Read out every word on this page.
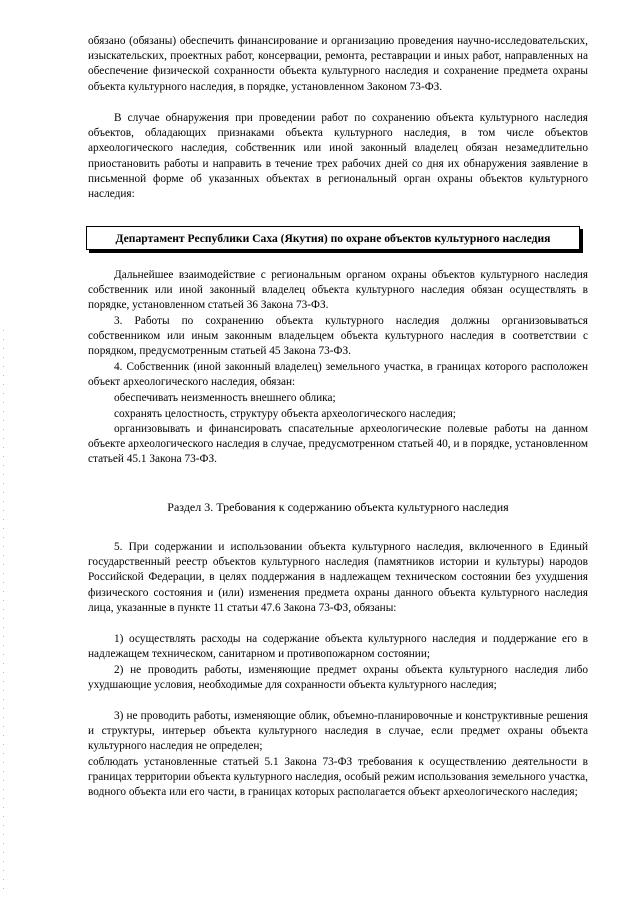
обязано (обязаны) обеспечить финансирование и организацию проведения научно-исследовательских, изыскательских, проектных работ, консервации, ремонта, реставрации и иных работ, направленных на обеспечение физической сохранности объекта культурного наследия и сохранение предмета охраны объекта культурного наследия, в порядке, установленном Законом 73-ФЗ.

В случае обнаружения при проведении работ по сохранению объекта культурного наследия объектов, обладающих признаками объекта культурного наследия, в том числе объектов археологического наследия, собственник или иной законный владелец обязан незамедлительно приостановить работы и направить в течение трех рабочих дней со дня их обнаружения заявление в письменной форме об указанных объектах в региональный орган охраны объектов культурного наследия:

Департамент Республики Саха (Якутия) по охране объектов культурного наследия

Дальнейшее взаимодействие с региональным органом охраны объектов культурного наследия собственник или иной законный владелец объекта культурного наследия обязан осуществлять в порядке, установленном статьей 36 Закона 73-ФЗ.

3. Работы по сохранению объекта культурного наследия должны организовываться собственником или иным законным владельцем объекта культурного наследия в соответствии с порядком, предусмотренным статьей 45 Закона 73-ФЗ.

4. Собственник (иной законный владелец) земельного участка, в границах которого расположен объект археологического наследия, обязан:

обеспечивать неизменность внешнего облика;

сохранять целостность, структуру объекта археологического наследия;

организовывать и финансировать спасательные археологические полевые работы на данном объекте археологического наследия в случае, предусмотренном статьей 40, и в порядке, установленном статьей 45.1 Закона 73-ФЗ.

Раздел 3. Требования к содержанию объекта культурного наследия

5. При содержании и использовании объекта культурного наследия, включенного в Единый государственный реестр объектов культурного наследия (памятников истории и культуры) народов Российской Федерации, в целях поддержания в надлежащем техническом состоянии без ухудшения физического состояния и (или) изменения предмета охраны данного объекта культурного наследия лица, указанные в пункте 11 статьи 47.6 Закона 73-ФЗ, обязаны:

1) осуществлять расходы на содержание объекта культурного наследия и поддержание его в надлежащем техническом, санитарном и противопожарном состоянии;

2) не проводить работы, изменяющие предмет охраны объекта культурного наследия либо ухудшающие условия, необходимые для сохранности объекта культурного наследия;

3) не проводить работы, изменяющие облик, объемно-планировочные и конструктивные решения и структуры, интерьер объекта культурного наследия в случае, если предмет охраны объекта культурного наследия не определен;

соблюдать установленные статьей 5.1 Закона 73-ФЗ требования к осуществлению деятельности в границах территории объекта культурного наследия, особый режим использования земельного участка, водного объекта или его части, в границах которых располагается объект археологического наследия;
